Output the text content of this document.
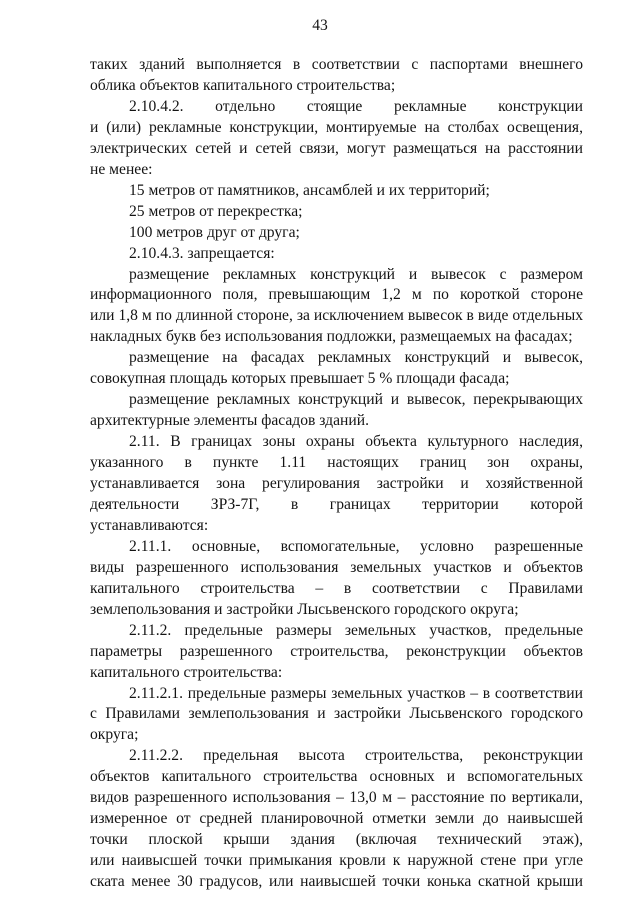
43
таких зданий выполняется в соответствии с паспортами внешнего
облика объектов капитального строительства;
2.10.4.2. отдельно стоящие рекламные конструкции
и (или) рекламные конструкции, монтируемые на столбах освещения,
электрических сетей и сетей связи, могут размещаться на расстоянии
не менее:
15 метров от памятников, ансамблей и их территорий;
25 метров от перекрестка;
100 метров друг от друга;
2.10.4.3. запрещается:
размещение рекламных конструкций и вывесок с размером
информационного поля, превышающим 1,2 м по короткой стороне
или 1,8 м по длинной стороне, за исключением вывесок в виде отдельных
накладных букв без использования подложки, размещаемых на фасадах;
размещение на фасадах рекламных конструкций и вывесок,
совокупная площадь которых превышает 5 % площади фасада;
размещение рекламных конструкций и вывесок, перекрывающих
архитектурные элементы фасадов зданий.
2.11. В границах зоны охраны объекта культурного наследия,
указанного в пункте 1.11 настоящих границ зон охраны,
устанавливается зона регулирования застройки и хозяйственной
деятельности ЗРЗ-7Г, в границах территории которой
устанавливаются:
2.11.1. основные, вспомогательные, условно разрешенные
виды разрешенного использования земельных участков и объектов
капитального строительства – в соответствии с Правилами
землепользования и застройки Лысьвенского городского округа;
2.11.2. предельные размеры земельных участков, предельные
параметры разрешенного строительства, реконструкции объектов
капитального строительства:
2.11.2.1. предельные размеры земельных участков – в соответствии
с Правилами землепользования и застройки Лысьвенского городского
округа;
2.11.2.2. предельная высота строительства, реконструкции
объектов капитального строительства основных и вспомогательных
видов разрешенного использования – 13,0 м – расстояние по вертикали,
измеренное от средней планировочной отметки земли до наивысшей
точки плоской крыши здания (включая технический этаж),
или наивысшей точки примыкания кровли к наружной стене при угле
ската менее 30 градусов, или наивысшей точки конька скатной крыши
